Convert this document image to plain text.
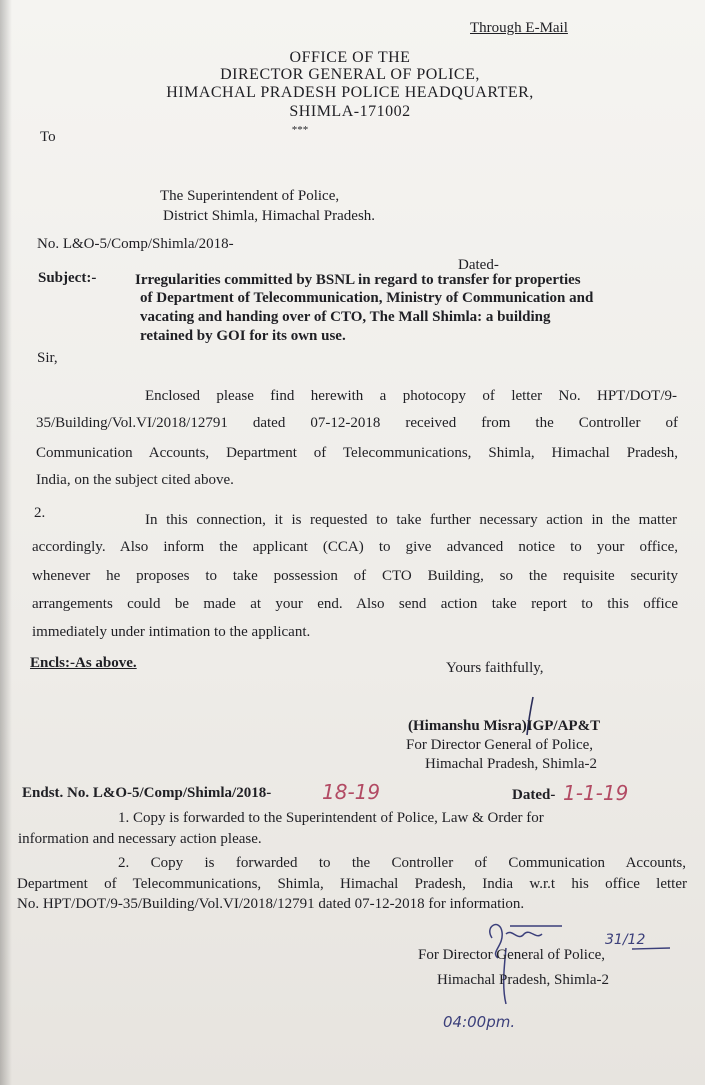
Through E-Mail
OFFICE OF THE
DIRECTOR GENERAL OF POLICE,
HIMACHAL PRADESH POLICE HEADQUARTER,
SHIMLA-171002
***
To
The Superintendent of Police,
District Shimla, Himachal Pradesh.
No. L&O-5/Comp/Shimla/2018-
Dated-
Subject:-	Irregularities committed by BSNL in regard to transfer for properties
of Department of Telecommunication, Ministry of Communication and
vacating and handing over of CTO, The Mall Shimla: a building
retained by GOI for its own use.
Sir,
Enclosed please find herewith a photocopy of letter No. HPT/DOT/9-
35/Building/Vol.VI/2018/12791 dated 07-12-2018 received from the Controller of
Communication Accounts, Department of Telecommunications, Shimla, Himachal Pradesh,
India, on the subject cited above.
2.	In this connection, it is requested to take further necessary action in the matter
accordingly. Also inform the applicant (CCA) to give advanced notice to your office,
whenever he proposes to take possession of CTO Building, so the requisite security
arrangements could be made at your end. Also send action take report to this office
immediately under intimation to the applicant.
Encls:-As above.	Yours faithfully,
(Himanshu Misra)IGP/AP&T
For Director General of Police,
Himachal Pradesh, Shimla-2
Endst. No. L&O-5/Comp/Shimla/2018-	18-19	Dated- 1-1-19
1. Copy is forwarded to the Superintendent of Police, Law & Order for
information and necessary action please.
2. Copy is forwarded to the Controller of Communication Accounts,
Department of Telecommunications, Shimla, Himachal Pradesh, India w.r.t his office letter
No. HPT/DOT/9-35/Building/Vol.VI/2018/12791 dated 07-12-2018 for information.
31/12
For Director General of Police,
Himachal Pradesh, Shimla-2
04:00pm.
